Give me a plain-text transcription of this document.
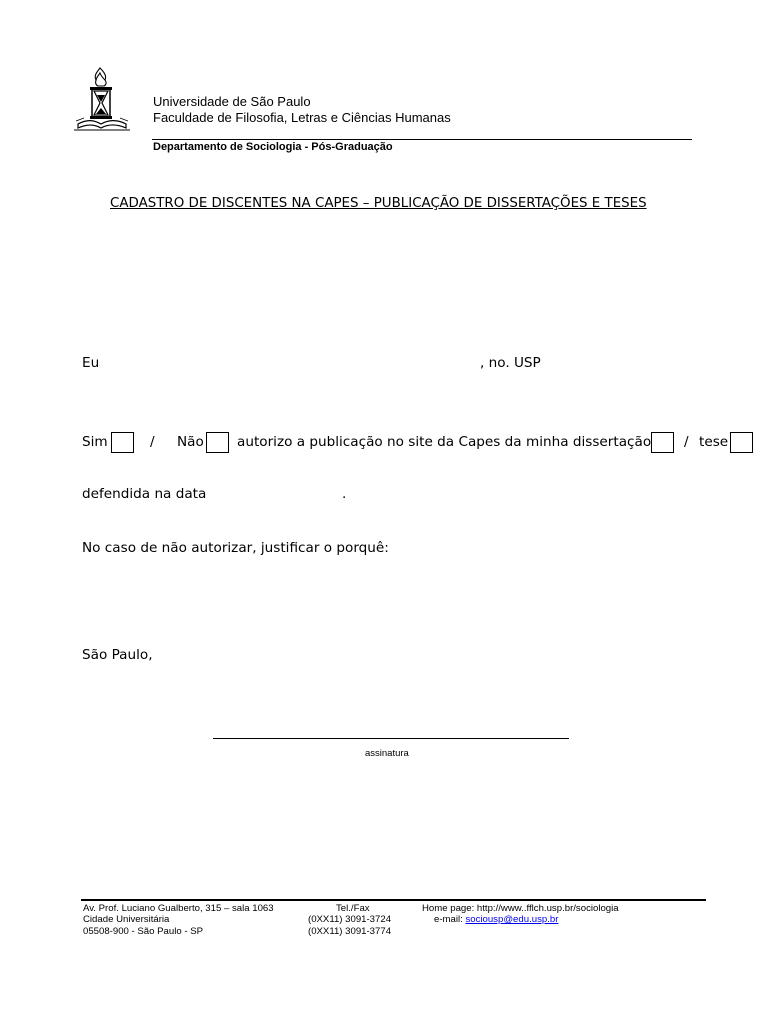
Universidade de São Paulo
Faculdade de Filosofia, Letras e Ciências Humanas
Departamento de Sociologia - Pós-Graduação
CADASTRO DE DISCENTES NA CAPES – PUBLICAÇÃO DE DISSERTAÇÕES E TESES
Eu	, no. USP
Sim	/ Não autorizo a publicação no site da Capes da minha dissertação / tese
defendida na data	.
No caso de não autorizar, justificar o porquê:
São Paulo,
assinatura
Av. Prof. Luciano Gualberto, 315 – sala 1063
Cidade Universitária
05508-900 - São Paulo - SP
Tel./Fax
(0XX11) 3091-3724
(0XX11) 3091-3774
Home page: http://www..fflch.usp.br/sociologia
e-mail: sociousp@edu.usp.br
